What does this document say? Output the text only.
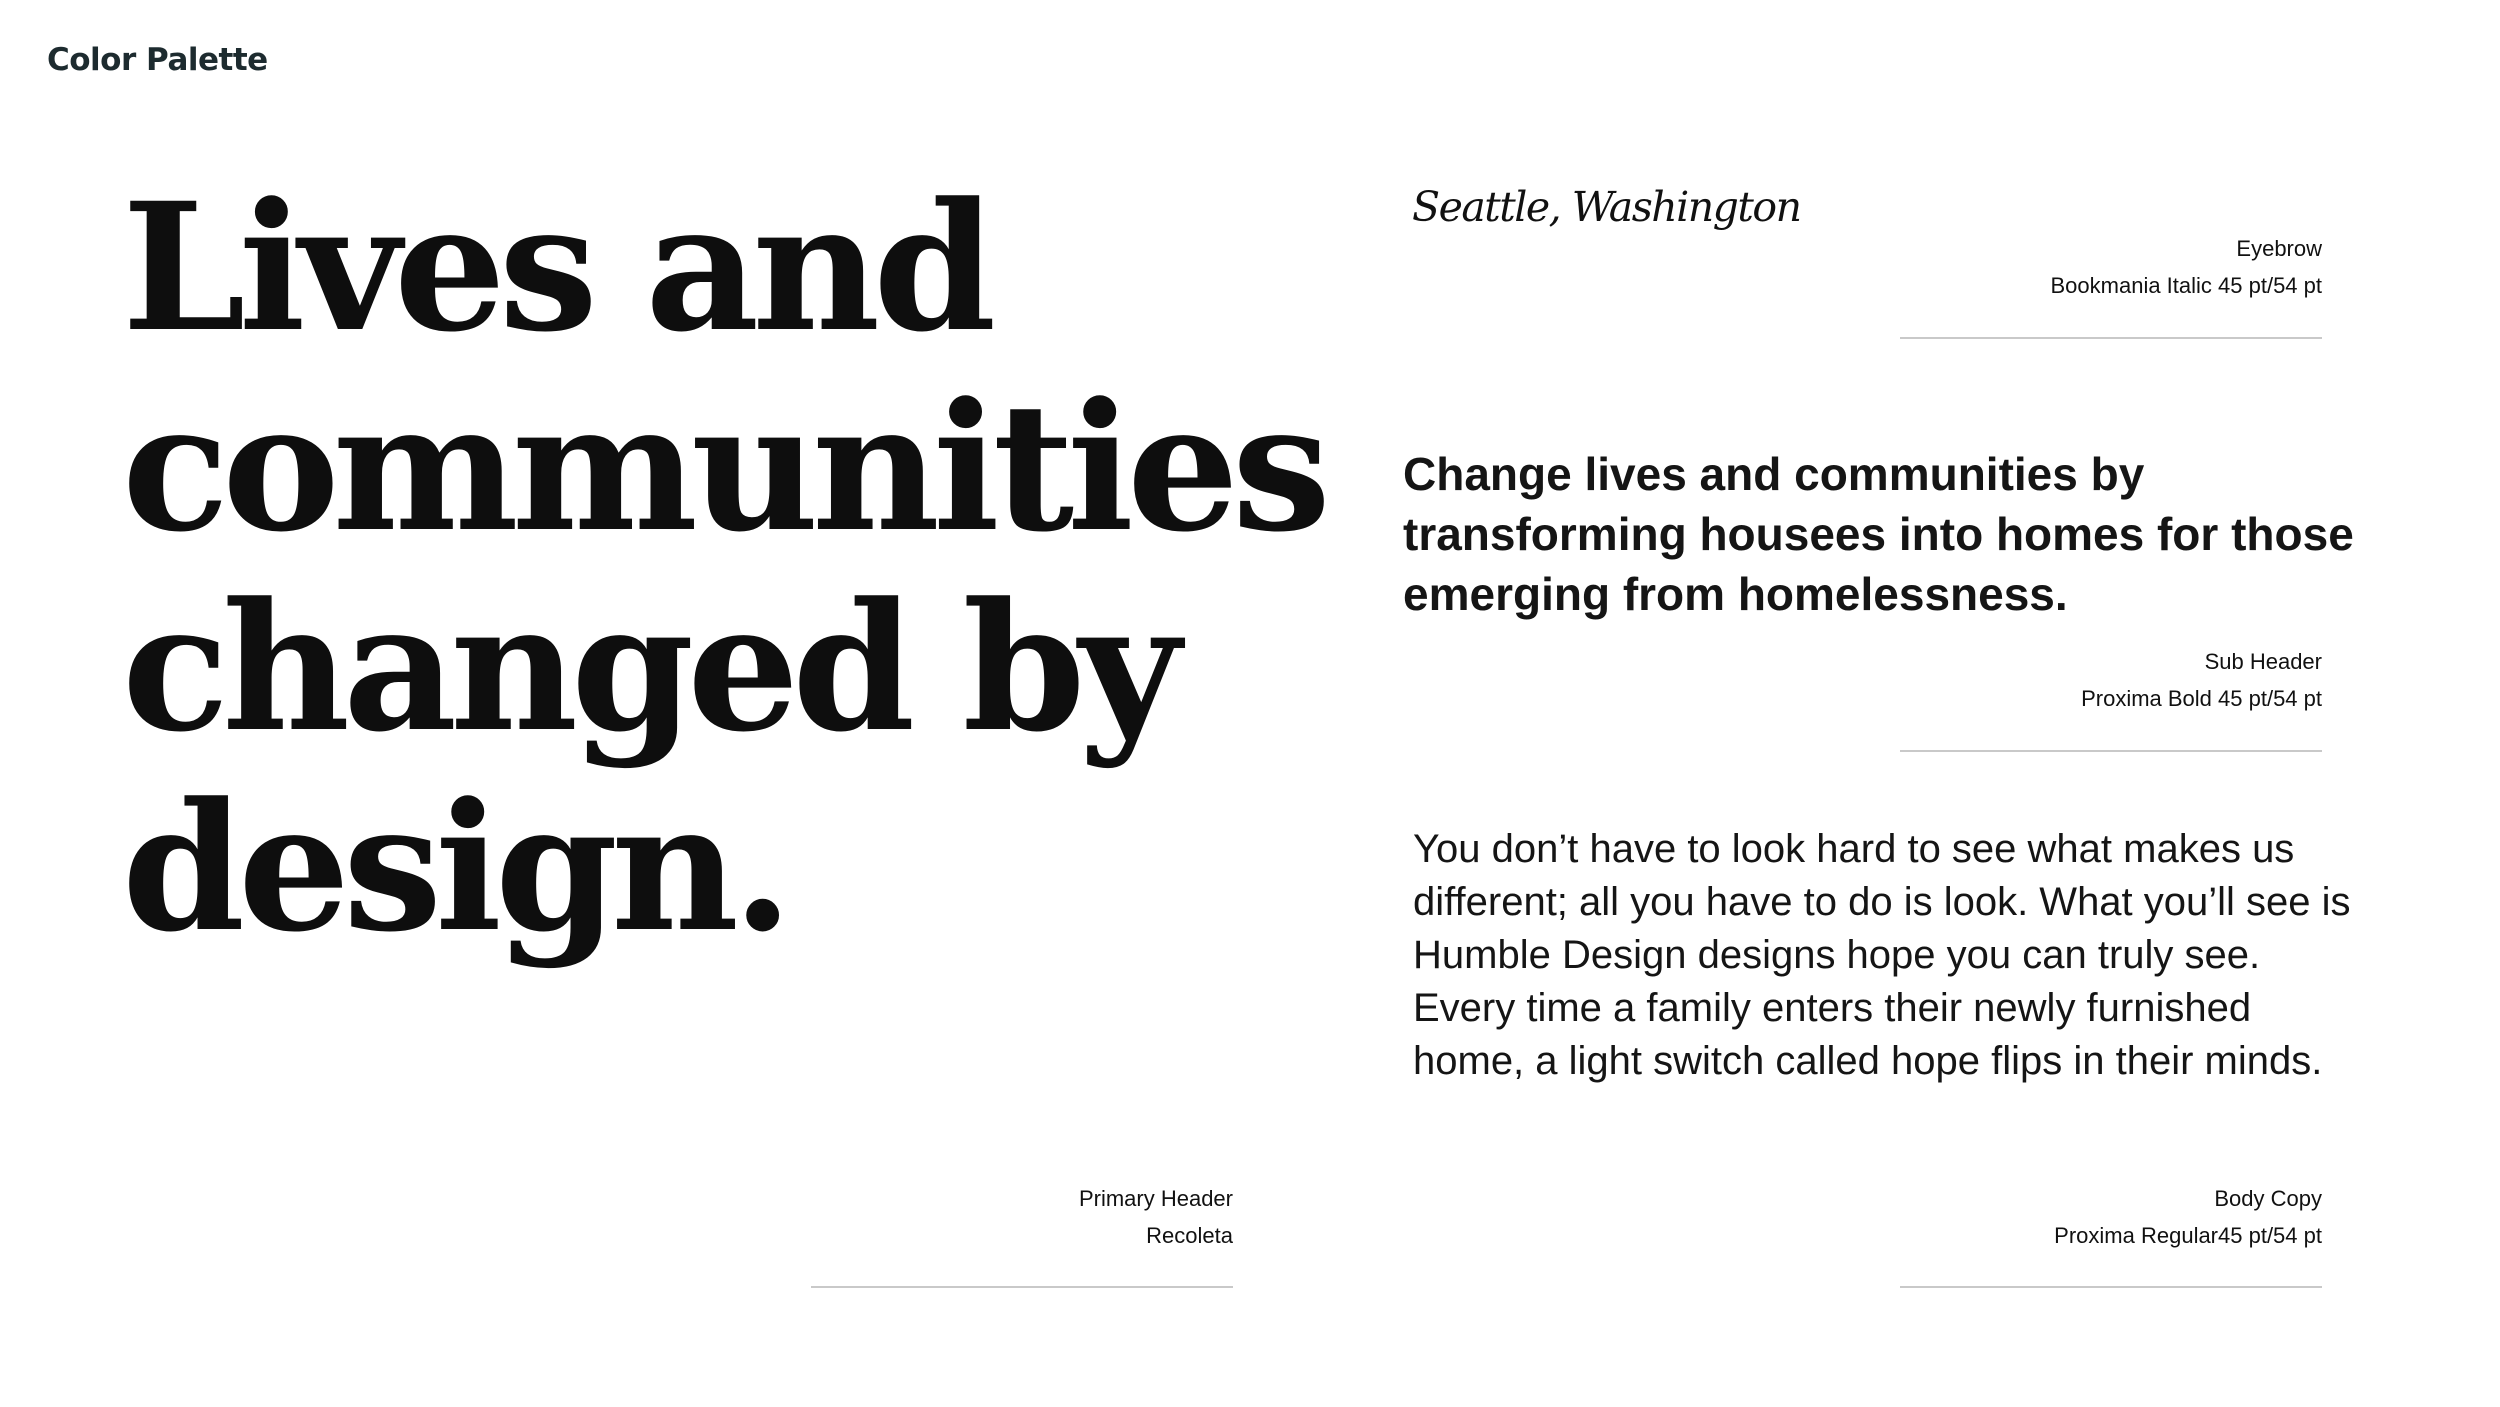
Color Palette
Lives and
communities
changed by
design.
Primary Header
Recoleta
Seattle, Washington
Eyebrow
Bookmania Italic 45 pt/54 pt
Change lives and communities by
transforming housees into homes for those
emerging from homelessness.
Sub Header
Proxima Bold 45 pt/54 pt

You don’t have to look hard to see what makes us
different; all you have to do is look. What you’ll see is
Humble Design designs hope you can truly see.
Every time a family enters their newly furnished
home, a light switch called hope flips in their minds.

Body Copy
Proxima Regular45 pt/54 pt
